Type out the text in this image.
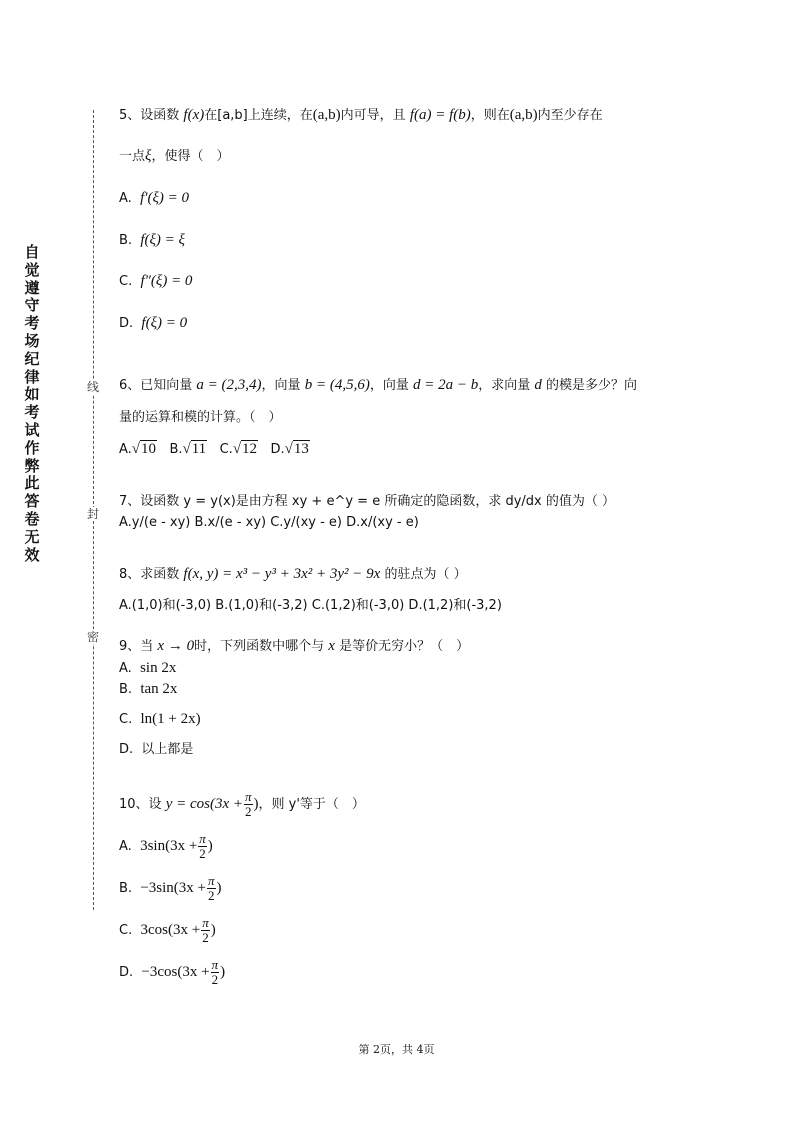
自
觉
遵
守
考
场
纪
律
如
考
试
作
弊
此
答
卷
无
效
线
封
密
5、设函数 f(x)在[a,b]上连续，在(a,b)内可导，且 f(a) = f(b)，则在(a,b)内至少存在
一点ξ，使得（　）
A. f′(ξ) = 0
B. f(ξ) = ξ
C. f″(ξ) = 0
D. f(ξ) = 0
6、已知向量 a = (2,3,4)，向量 b = (4,5,6)，向量 d = 2a − b，求向量 d 的模是多少？向
量的运算和模的计算。（　）
A.√10 B.√11 C.√12 D.√13
7、设函数 y = y(x)是由方程 xy + e^y = e 所确定的隐函数，求 dy/dx 的值为（ ）
A.y/(e - xy) B.x/(e - xy) C.y/(xy - e) D.x/(xy - e)
8、求函数 f(x, y) = x³ − y³ + 3x² + 3y² − 9x 的驻点为（ ）
A.(1,0)和(-3,0) B.(1,0)和(-3,2) C.(1,2)和(-3,0) D.(1,2)和(-3,2)
9、当 x → 0时，下列函数中哪个与 x 是等价无穷小？（　）
A. sin 2x
B. tan 2x
C. ln(1 + 2x)
D. 以上都是
10、设 $y = \cos(3x + \frac{\pi}{2}$ )，则 y'等于（　）
A. $3\sin(3x + \frac{\pi}{2}$ )
B. $-3\sin(3x + \frac{\pi}{2}$ )
C. $3\cos(3x + \frac{\pi}{2}$ )
D. $-3\cos(3x + \frac{\pi}{2}$ )
第 2页，共 4页
